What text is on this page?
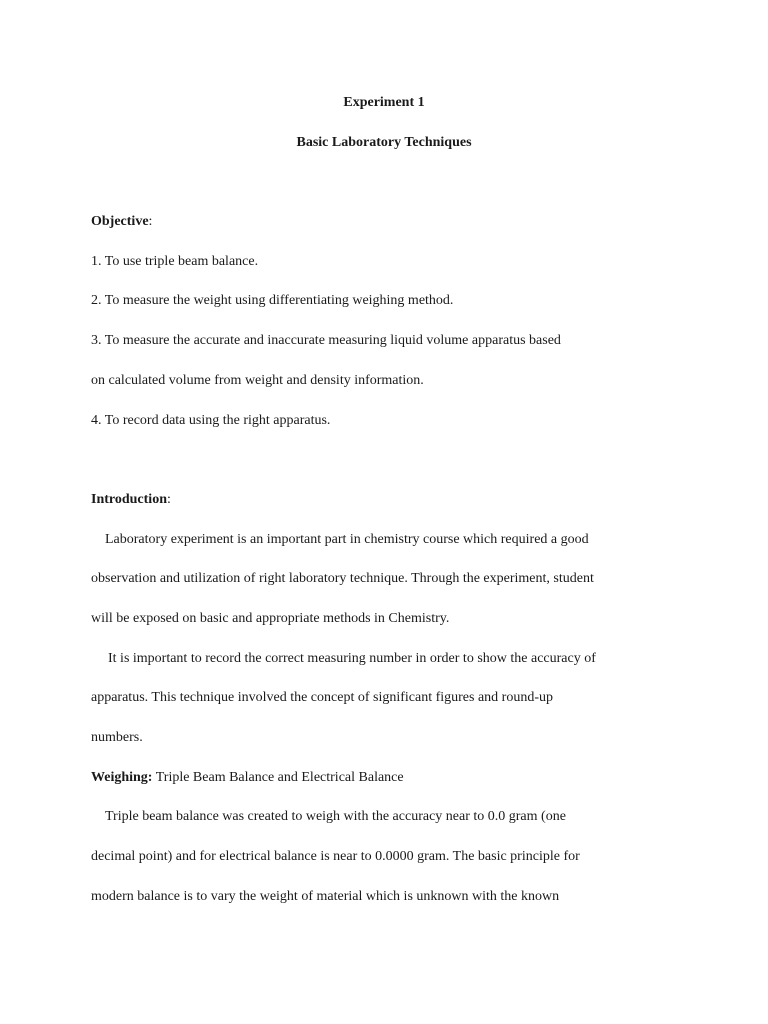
Experiment 1
Basic Laboratory Techniques
Objective:
1. To use triple beam balance.
2. To measure the weight using differentiating weighing method.
3. To measure the accurate and inaccurate measuring liquid volume apparatus based
on calculated volume from weight and density information.
4. To record data using the right apparatus.
Introduction:
Laboratory experiment is an important part in chemistry course which required a good
observation and utilization of right laboratory technique. Through the experiment, student
will be exposed on basic and appropriate methods in Chemistry.
It is important to record the correct measuring number in order to show the accuracy of
apparatus. This technique involved the concept of significant figures and round-up
numbers.
Weighing: Triple Beam Balance and Electrical Balance
Triple beam balance was created to weigh with the accuracy near to 0.0 gram (one
decimal point) and for electrical balance is near to 0.0000 gram. The basic principle for
modern balance is to vary the weight of material which is unknown with the known
